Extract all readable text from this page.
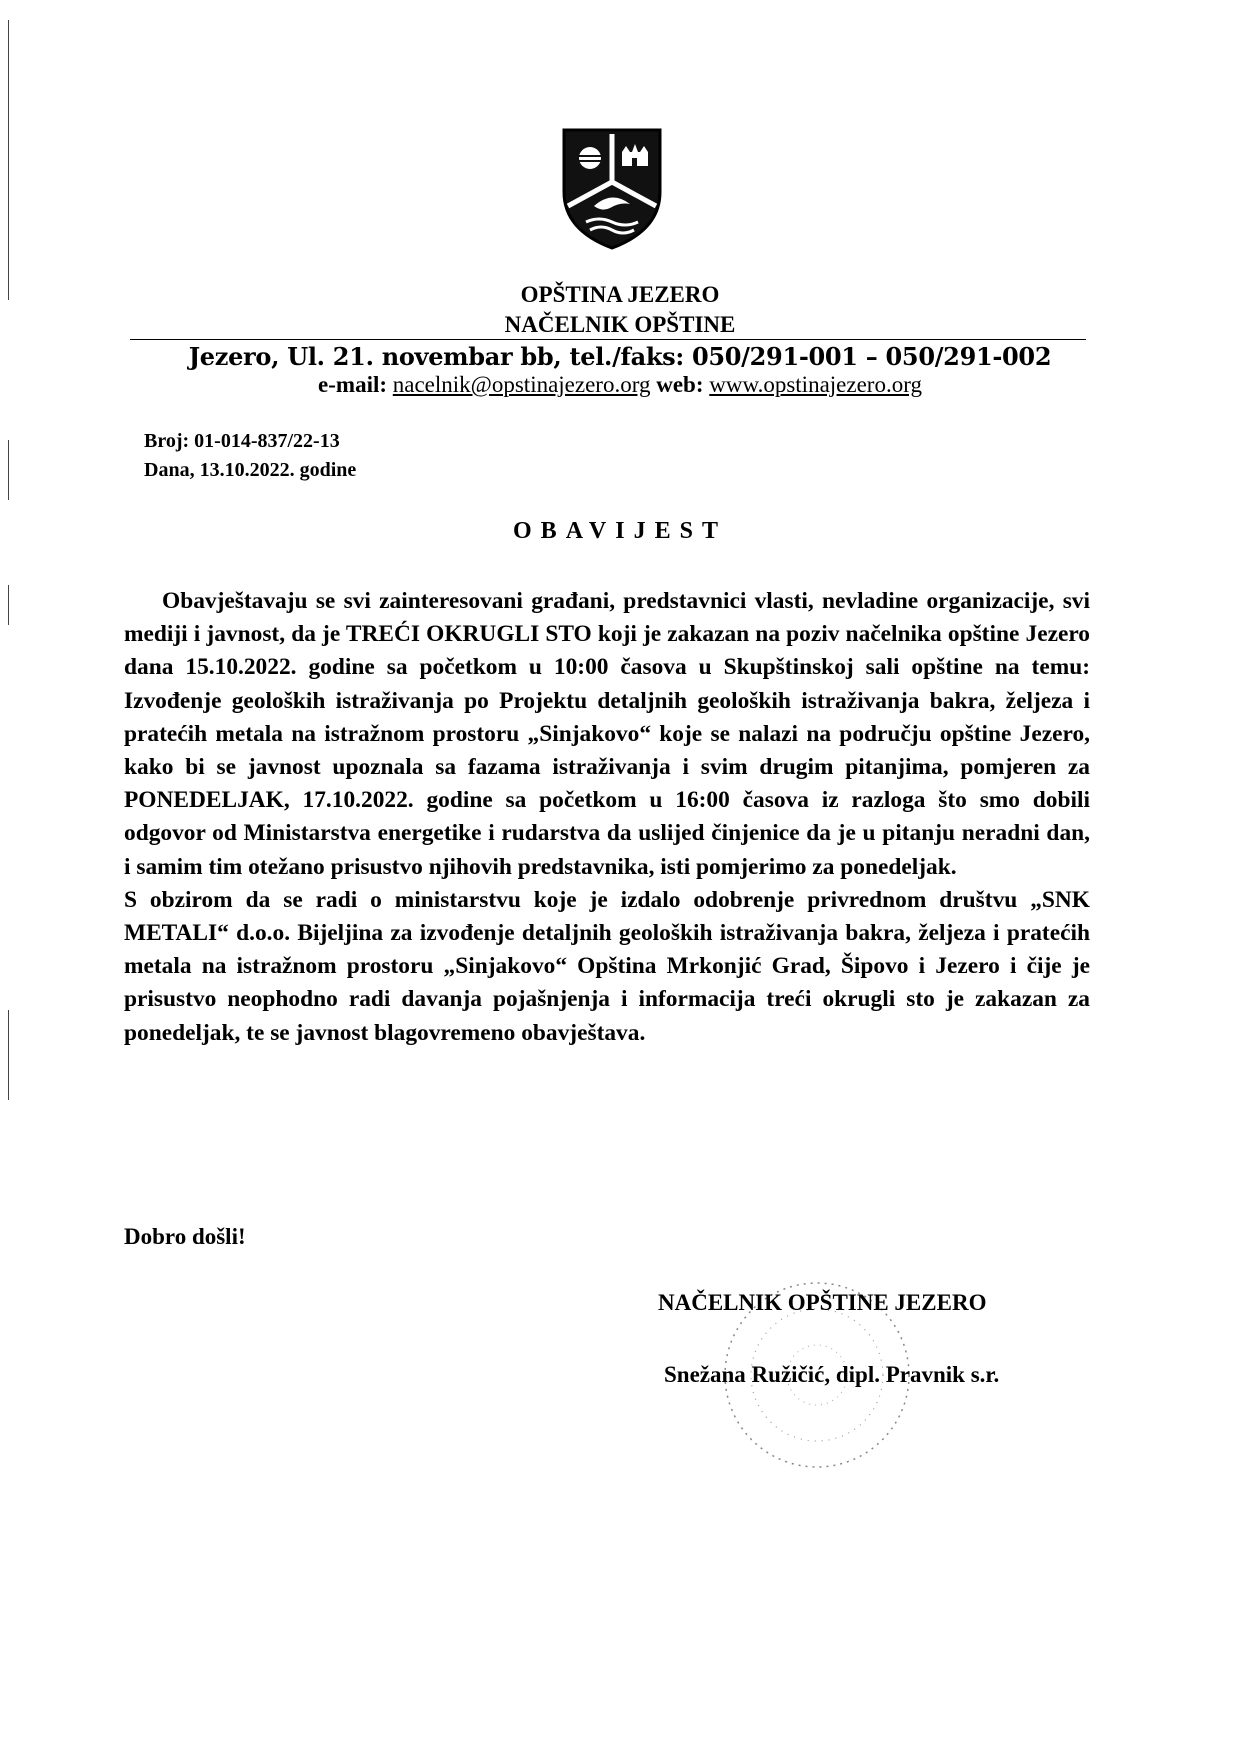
OPŠTINA JEZERO
NAČELNIK OPŠTINE
Jezero, Ul. 21. novembar bb, tel./faks: 050/291-001 – 050/291-002
e-mail: nacelnik@opstinajezero.org web: www.opstinajezero.org
Broj: 01-014-837/22-13
Dana, 13.10.2022. godine
OBAVIJEST

Obavještavaju se svi zainteresovani građani, predstavnici vlasti, nevladine organizacije, svi mediji i javnost, da je TREĆI OKRUGLI STO koji je zakazan na poziv načelnika opštine Jezero dana 15.10.2022. godine sa početkom u 10:00 časova u Skupštinskoj sali opštine na temu: Izvođenje geoloških istraživanja po Projektu detaljnih geoloških istraživanja bakra, željeza i pratećih metala na istražnom prostoru „Sinjakovo“ koje se nalazi na području opštine Jezero, kako bi se javnost upoznala sa fazama istraživanja i svim drugim pitanjima, pomjeren za PONEDELJAK, 17.10.2022. godine sa početkom u 16:00 časova iz razloga što smo dobili odgovor od Ministarstva energetike i rudarstva da uslijed činjenice da je u pitanju neradni dan, i samim tim otežano prisustvo njihovih predstavnika, isti pomjerimo za ponedeljak.

S obzirom da se radi o ministarstvu koje je izdalo odobrenje privrednom društvu „SNK METALI“ d.o.o. Bijeljina za izvođenje detaljnih geoloških istraživanja bakra, željeza i pratećih metala na istražnom prostoru „Sinjakovo“ Opština Mrkonjić Grad, Šipovo i Jezero i čije je prisustvo neophodno radi davanja pojašnjenja i informacija treći okrugli sto je zakazan za ponedeljak, te se javnost blagovremeno obavještava.

Dobro došli!
NAČELNIK OPŠTINE JEZERO
Snežana Ružičić, dipl. Pravnik s.r.
